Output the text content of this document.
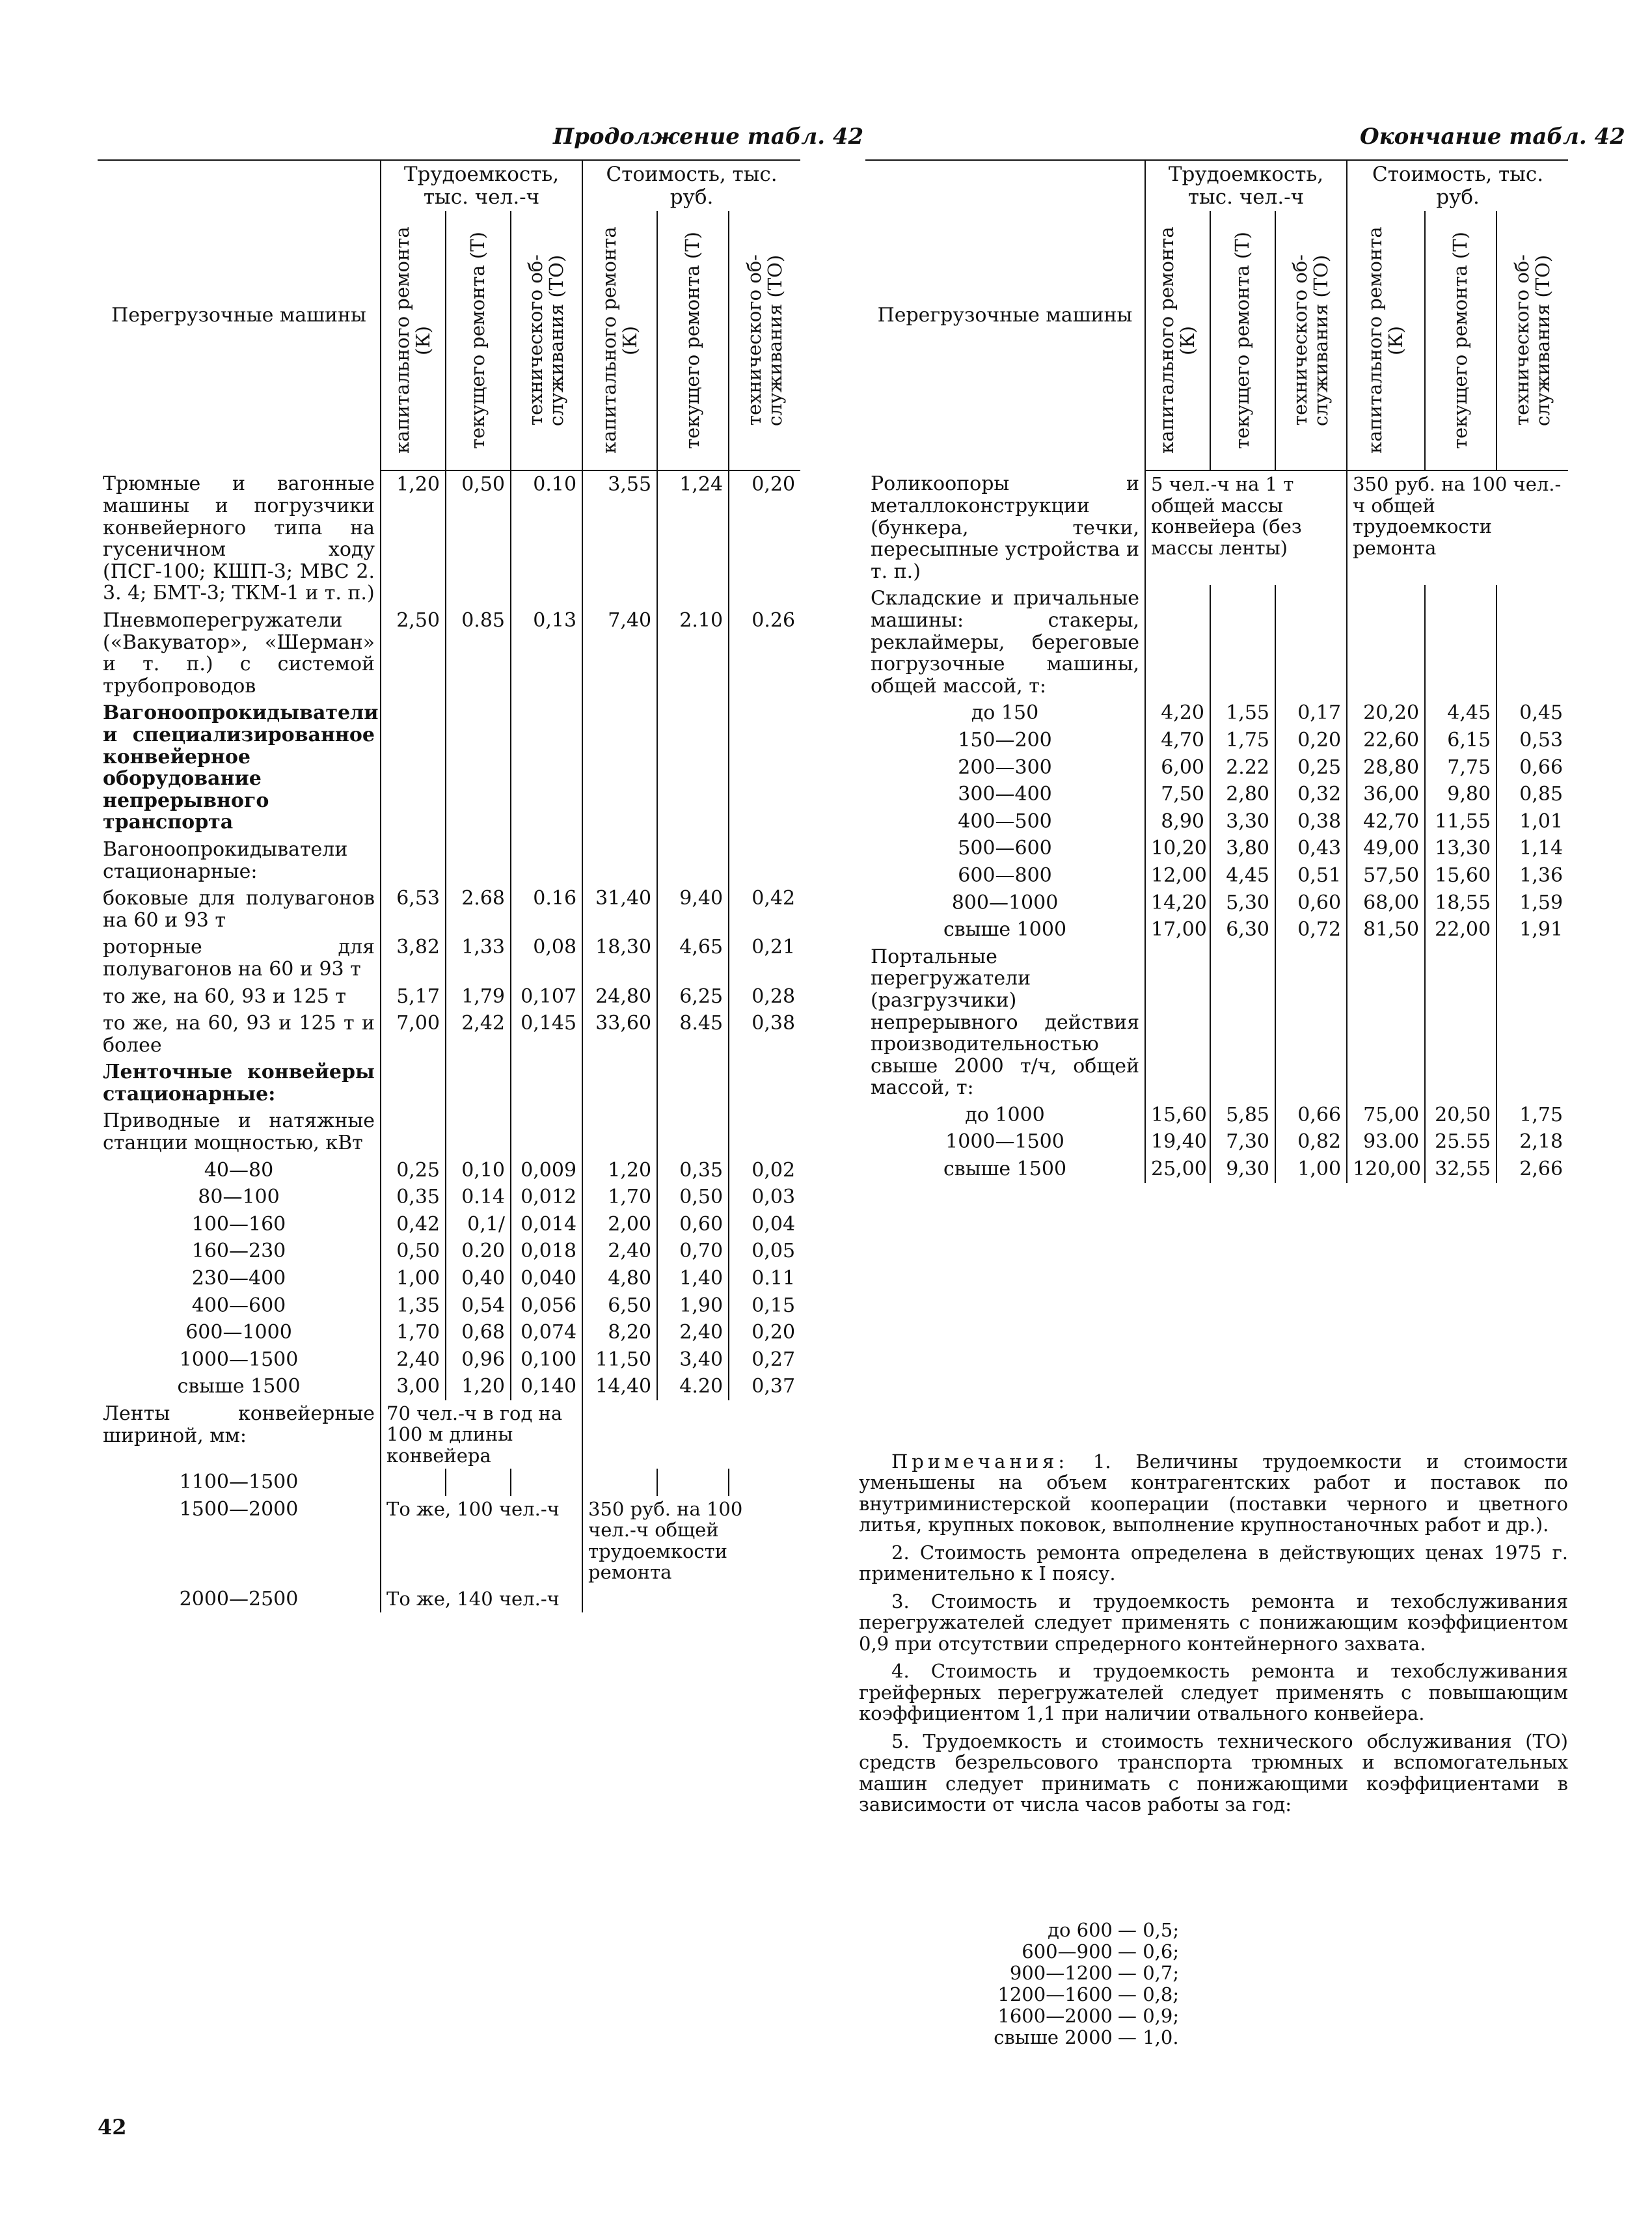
Продолжение табл. 42
Перегрузочные машины	Трудоемкость, тыс. чел.-ч			Стоимость, тыс. руб.		

	капитального ремонта (К)	текущего ремонта (Т)	технического об-служивания (ТО)	капитального ремонта (К)	текущего ремонта (Т)	технического об-служивания (ТО)

Трюмные и вагонные машины и погрузчики конвейерного типа на гусеничном ходу (ПСГ-100; КШП-3; МВС 2. 3. 4; БМТ-3; ТКМ-1 и т. п.)	1,20	0,50	0.10	3,55	1,24	0,20
Пневмоперегружатели («Вакуватор», «Шерман» и т. п.) с системой трубопроводов	2,50	0.85	0,13	7,40	2.10	0.26
Вагоноопрокидыватели и специализированное конвейерное оборудование непрерывного транспорта						
Вагоноопрокидыватели стационарные:						
боковые для полувагонов на 60 и 93 т	6,53	2.68	0.16	31,40	9,40	0,42
роторные для полувагонов на 60 и 93 т	3,82	1,33	0,08	18,30	4,65	0,21
то же, на 60, 93 и 125 т	5,17	1,79	0,107	24,80	6,25	0,28
то же, на 60, 93 и 125 т и более	7,00	2,42	0,145	33,60	8.45	0,38
Ленточные конвейеры стационарные:						
Приводные и натяжные станции мощностью, кВт						
40—80	0,25	0,10	0,009	1,20	0,35	0,02
80—100	0,35	0.14	0,012	1,70	0,50	0,03
100—160	0,42	0,1/	0,014	2,00	0,60	0,04
160—230	0,50	0.20	0,018	2,40	0,70	0,05
230—400	1,00	0,40	0,040	4,80	1,40	0.11
400—600	1,35	0,54	0,056	6,50	1,90	0,15
600—1000	1,70	0,68	0,074	8,20	2,40	0,20
1000—1500	2,40	0,96	0,100	11,50	3,40	0,27
свыше 1500	3,00	1,20	0,140	14,40	4.20	0,37
Ленты конвейерные шириной, мм:	70 чел.-ч в год на 100 м длины конвейера					
1100—1500						
1500—2000	То же, 100 чел.-ч			350 руб. на 100 чел.-ч общей трудоемкости ремонта		
2000—2500	То же, 140 чел.-ч					
Окончание табл. 42
Перегрузочные машины	Трудоемкость, тыс. чел.-ч			Стоимость, тыс. руб.		

	капитального ремонта (К)	текущего ремонта (Т)	технического об-служивания (ТО)	капитального ремонта (К)	текущего ремонта (Т)	технического об-служивания (ТО)

Роликоопоры и металлоконструкции (бункера, течки, пересыпные устройства и т. п.)	5 чел.-ч на 1 т общей массы конвейера (без массы ленты)			350 руб. на 100 чел.-ч общей трудоемкости ремонта		
Складские и причальные машины: стакеры, реклаймеры, береговые погрузочные машины, общей массой, т:						
до 150	4,20	1,55	0,17	20,20	4,45	0,45
150—200	4,70	1,75	0,20	22,60	6,15	0,53
200—300	6,00	2.22	0,25	28,80	7,75	0,66
300—400	7,50	2,80	0,32	36,00	9,80	0,85
400—500	8,90	3,30	0,38	42,70	11,55	1,01
500—600	10,20	3,80	0,43	49,00	13,30	1,14
600—800	12,00	4,45	0,51	57,50	15,60	1,36
800—1000	14,20	5,30	0,60	68,00	18,55	1,59
свыше 1000	17,00	6,30	0,72	81,50	22,00	1,91
Портальные перегружатели (разгрузчики) непрерывного действия производительностью свыше 2000 т/ч, общей массой, т:						
до 1000	15,60	5,85	0,66	75,00	20,50	1,75
1000—1500	19,40	7,30	0,82	93.00	25.55	2,18
свыше 1500	25,00	9,30	1,00	120,00	32,55	2,66

Примечания: 1. Величины трудоемкости и стоимости уменьшены на объем контрагентских работ и поставок по внутриминистерской кооперации (поставки черного и цветного литья, крупных поковок, выполнение крупностаночных работ и др.).

2. Стоимость ремонта определена в действующих ценах 1975 г. применительно к I поясу.

3. Стоимость и трудоемкость ремонта и техобслуживания перегружателей следует применять с понижающим коэффициентом 0,9 при отсутствии спредерного контейнерного захвата.

4. Стоимость и трудоемкость ремонта и техобслуживания грейферных перегружателей следует применять с повышающим коэффициентом 1,1 при наличии отвального конвейера.

5. Трудоемкость и стоимость технического обслуживания (ТО) средств безрельсового транспорта трюмных и вспомогательных машин следует принимать с понижающими коэффициентами в зависимости от числа часов работы за год:

до 600 — 0,5;
600—900 — 0,6;
900—1200 — 0,7;
1200—1600 — 0,8;
1600—2000 — 0,9;
свыше 2000 — 1,0.
42
